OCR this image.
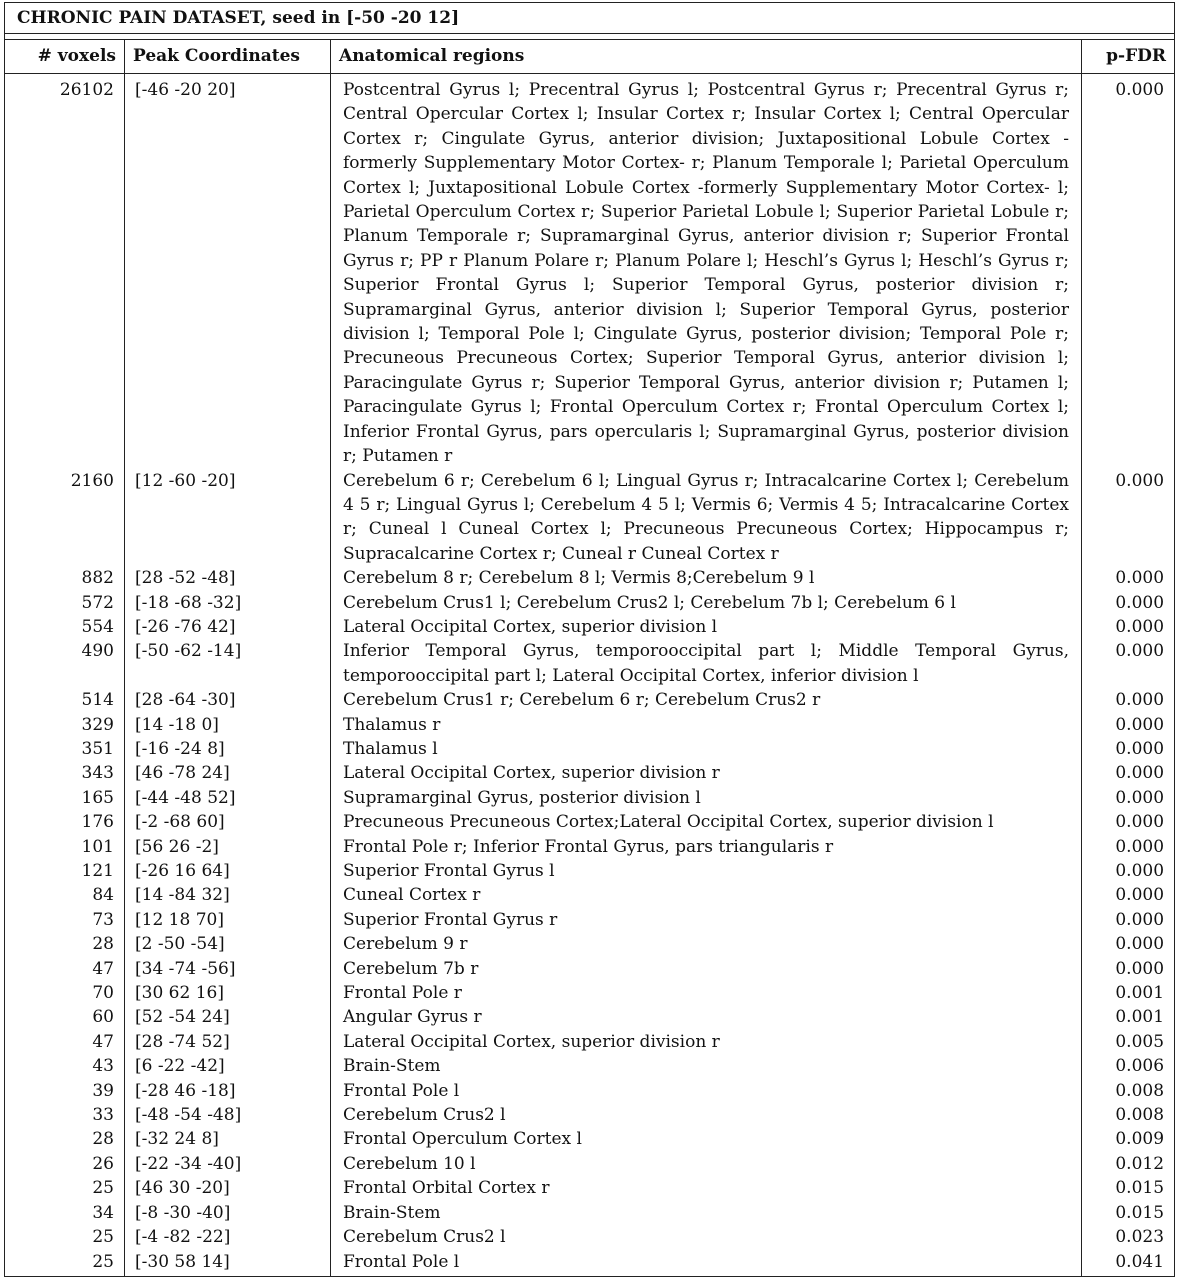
CHRONIC PAIN DATASET, seed in [-50 -20 12]			

# voxels	Peak Coordinates	Anatomical regions	p-FDR

26102	[-46 -20 20]	Postcentral Gyrus l; Precentral Gyrus l; Postcentral Gyrus r; Precentral Gyrus r; Central Opercular Cortex l; Insular Cortex r; Insular Cortex l; Central Opercular Cortex r; Cingulate Gyrus, anterior division; Juxtapositional Lobule Cortex -formerly Supplementary Motor Cortex- r; Planum Temporale l; Parietal Operculum Cortex l; Juxtapositional Lobule Cortex -formerly Supplementary Motor Cortex- l; Parietal Operculum Cortex r; Superior Parietal Lobule l; Superior Parietal Lobule r; Planum Temporale r; Supramarginal Gyrus, anterior division r; Superior Frontal Gyrus r; PP r Planum Polare r; Planum Polare l; Heschl’s Gyrus l; Heschl’s Gyrus r; Superior Frontal Gyrus l; Superior Temporal Gyrus, posterior division r; Supramarginal Gyrus, anterior division l; Superior Temporal Gyrus, posterior division l; Temporal Pole l; Cingulate Gyrus, posterior division; Temporal Pole r; Precuneous Precuneous Cortex; Superior Temporal Gyrus, anterior division l; Paracingulate Gyrus r; Superior Temporal Gyrus, anterior division r; Putamen l; Paracingulate Gyrus l; Frontal Operculum Cortex r; Frontal Operculum Cortex l; Inferior Frontal Gyrus, pars opercularis l; Supramarginal Gyrus, posterior division r; Putamen r	0.000
2160	[12 -60 -20]	Cerebelum 6 r; Cerebelum 6 l; Lingual Gyrus r; Intracalcarine Cortex l; Cerebelum 4 5 r; Lingual Gyrus l; Cerebelum 4 5 l; Vermis 6; Vermis 4 5; Intracalcarine Cortex r; Cuneal l Cuneal Cortex l; Precuneous Precuneous Cortex; Hippocampus r; Supracalcarine Cortex r; Cuneal r Cuneal Cortex r	0.000
882	[28 -52 -48]	Cerebelum 8 r; Cerebelum 8 l; Vermis 8;Cerebelum 9 l	0.000
572	[-18 -68 -32]	Cerebelum Crus1 l; Cerebelum Crus2 l; Cerebelum 7b l; Cerebelum 6 l	0.000
554	[-26 -76 42]	Lateral Occipital Cortex, superior division l	0.000
490	[-50 -62 -14]	Inferior Temporal Gyrus, temporooccipital part l; Middle Temporal Gyrus, temporooccipital part l; Lateral Occipital Cortex, inferior division l	0.000
514	[28 -64 -30]	Cerebelum Crus1 r; Cerebelum 6 r; Cerebelum Crus2 r	0.000
329	[14 -18 0]	Thalamus r	0.000
351	[-16 -24 8]	Thalamus l	0.000
343	[46 -78 24]	Lateral Occipital Cortex, superior division r	0.000
165	[-44 -48 52]	Supramarginal Gyrus, posterior division l	0.000
176	[-2 -68 60]	Precuneous Precuneous Cortex;Lateral Occipital Cortex, superior division l	0.000
101	[56 26 -2]	Frontal Pole r; Inferior Frontal Gyrus, pars triangularis r	0.000
121	[-26 16 64]	Superior Frontal Gyrus l	0.000
84	[14 -84 32]	Cuneal Cortex r	0.000
73	[12 18 70]	Superior Frontal Gyrus r	0.000
28	[2 -50 -54]	Cerebelum 9 r	0.000
47	[34 -74 -56]	Cerebelum 7b r	0.000
70	[30 62 16]	Frontal Pole r	0.001
60	[52 -54 24]	Angular Gyrus r	0.001
47	[28 -74 52]	Lateral Occipital Cortex, superior division r	0.005
43	[6 -22 -42]	Brain-Stem	0.006
39	[-28 46 -18]	Frontal Pole l	0.008
33	[-48 -54 -48]	Cerebelum Crus2 l	0.008
28	[-32 24 8]	Frontal Operculum Cortex l	0.009
26	[-22 -34 -40]	Cerebelum 10 l	0.012
25	[46 30 -20]	Frontal Orbital Cortex r	0.015
34	[-8 -30 -40]	Brain-Stem	0.015
25	[-4 -82 -22]	Cerebelum Crus2 l	0.023
25	[-30 58 14]	Frontal Pole l	0.041
